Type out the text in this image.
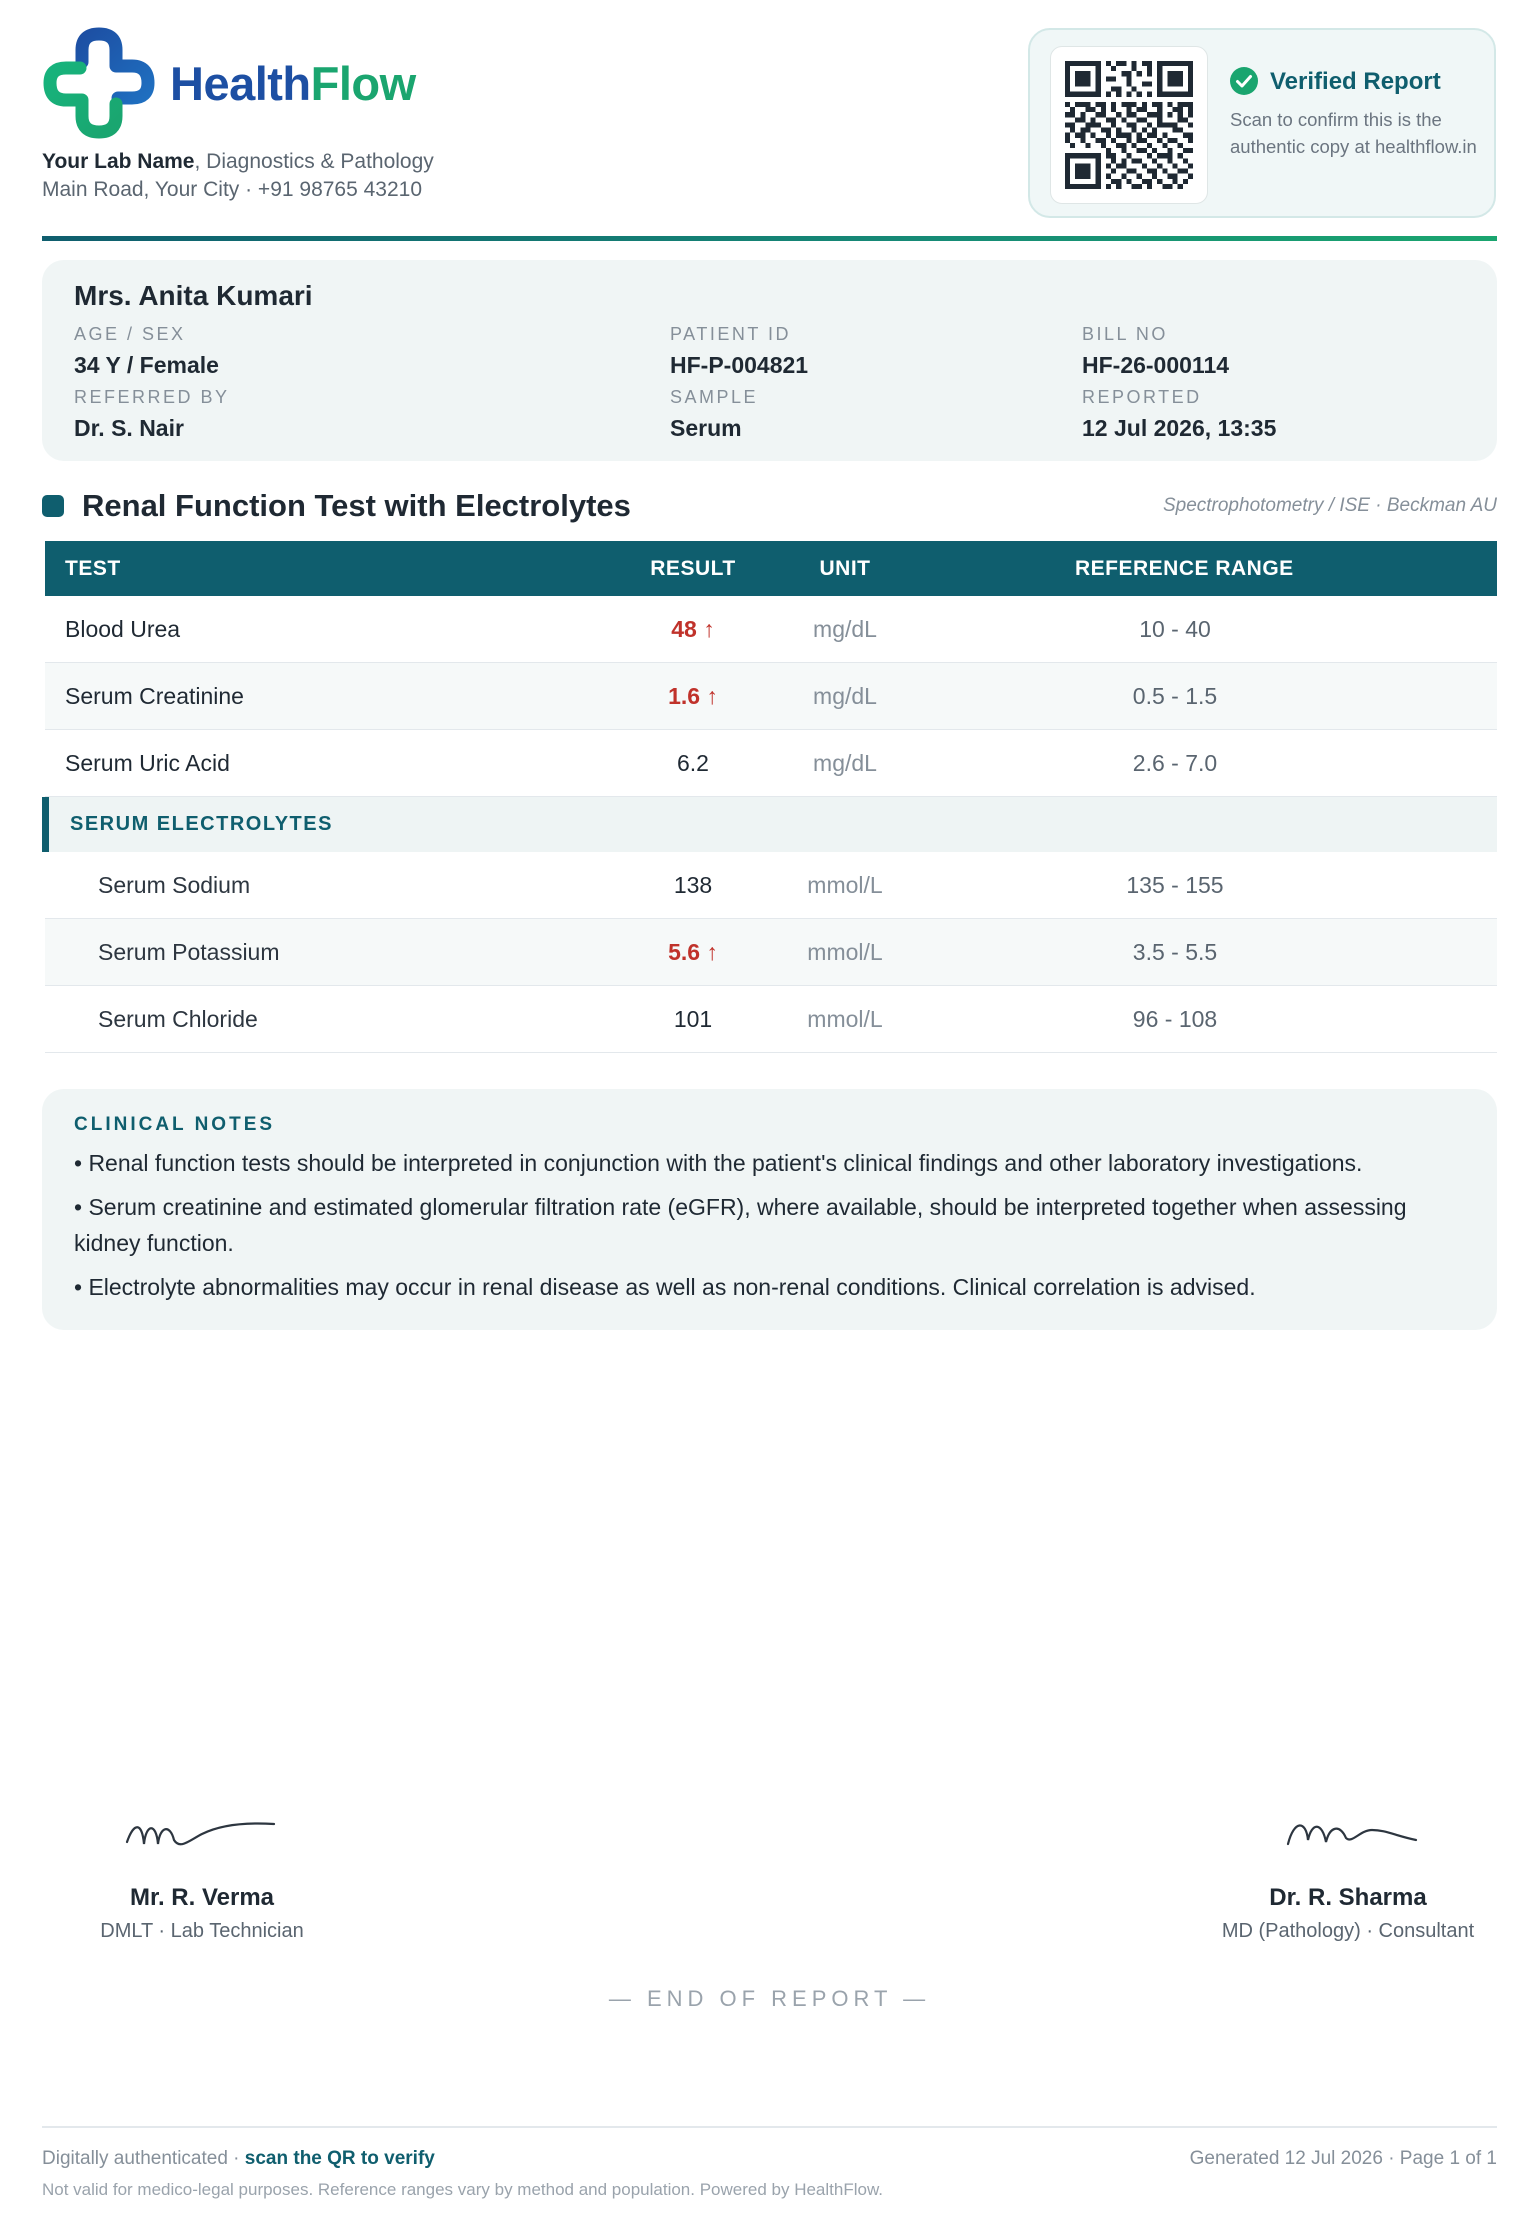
HealthFlow
Your Lab Name, Diagnostics & Pathology
Main Road, Your City · +91 98765 43210
Verified Report
Scan to confirm this is the authentic copy at healthflow.in
Mrs. Anita Kumari
AGE / SEX
34 Y / Female
PATIENT ID
HF-P-004821
BILL NO
HF-26-000114
REFERRED BY
Dr. S. Nair
SAMPLE
Serum
REPORTED
12 Jul 2026, 13:35
Renal Function Test with Electrolytes	Spectrophotometry / ISE · Beckman AU
TEST	RESULT	UNIT	REFERENCE RANGE
Blood Urea	48 ↑	mg/dL	10 - 40
Serum Creatinine	1.6 ↑	mg/dL	0.5 - 1.5
Serum Uric Acid	6.2	mg/dL	2.6 - 7.0
SERUM ELECTROLYTES
Serum Sodium	138	mmol/L	135 - 155
Serum Potassium	5.6 ↑	mmol/L	3.5 - 5.5
Serum Chloride	101	mmol/L	96 - 108
CLINICAL NOTES
• Renal function tests should be interpreted in conjunction with the patient's clinical findings and other laboratory investigations.
• Serum creatinine and estimated glomerular filtration rate (eGFR), where available, should be interpreted together when assessing kidney function.
• Electrolyte abnormalities may occur in renal disease as well as non-renal conditions. Clinical correlation is advised.
Mr. R. Verma
DMLT · Lab Technician
Dr. R. Sharma
MD (Pathology) · Consultant
— END OF REPORT —
Digitally authenticated · scan the QR to verify	Generated 12 Jul 2026 · Page 1 of 1
Not valid for medico-legal purposes. Reference ranges vary by method and population. Powered by HealthFlow.
